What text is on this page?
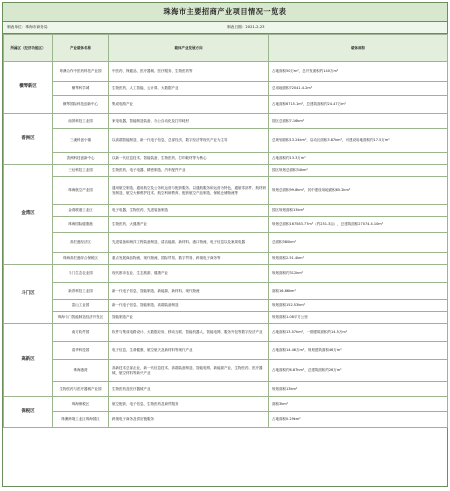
珠海市主要招商产业项目情况一览表
制表单位：珠海市商务局	制表日期：2021-2-23
所属区（经济功能区）	产业载体名称	载体产业发展方向	载体面积
横琴新区	粤澳合作中医药科技产业园	中医药、保健品、医疗器械、医疗服务、生物医药等	占地面积50万m²，总开发面积约140万m²
	横琴科学城	生物医药、人工智能、云计算、大数据产业	总用地面积72041.4.2m²
	横琴国际科技创新中心	集成电路产业	占地面积6715.1m²，总建筑面积约24.47万m²
香洲区	南屏科技工业园	家电电器、智能制造装备、办公自动化及打印耗材	园区总面积7.16km²
	三溪科创小镇	以高端智能制造、新一代电子信息、总部经济、数字经济等现代产业为主导	总规划面积13.24km²，启动区面积3.87km²，可建设用地面积约17.5万m²
	香洲科技创新中心	以新一代信息技术、智能装备、生物医药、打印耗材等为核心	占地面积约13.3万m²
金湾区	三灶科技工业园	生物医药、电子电器、精密制造、汽车配件产业	园区规划总面积34km²
	珠海航空产业园	通用航空制造、通用航空及公务机运营与配套服务、以通航服务和运营为特色，通航零部件、航材研发制造、航空大修维护技术、航空科研教育、配套航空产品制造、保税仓储物流等	规划总面积99.8km²，其中建设用地面积65.2km²
	金湾联港工业区	电子电器、生物医药、先进装备制造	园区规划面积13km²
	珠海国际健康港	生物医药、大健康产业	规划总面积167583.77m²（约251.3亩），总建筑面积27074.4.10m²
	高栏港经济区	先进装备和海洋工程装备制造、清洁能源、新材料、港口物流、电子信息以及案周电器	总面积380km²
	珠海高栏港综合保税区	重点发展商品物流、现代物流、国际贸易、数字贸易、跨境电子商务等	规划面积2.51.4km²
斗门区	斗门生态农业园	现代都市农业、生态旅游、健康产业	规划面积约312km²
	新青科技工业园	新一代电子信息、智能制造、新能源、新材料、现代物流	面积16.86km²
	富山工业园	新一代电子信息、智能制造、高端装备制造	规划面积152.53km²
	珠海斗门智能制造经济开发区	智能制造产业	规划面积1.08平方公里
高新区	南方软件园	软件与集成电路设计、大数据应用、移动互联、智能机器人、智能电网、服务外包等数字经济产业	占地面积13.57hm²，一期建筑面积约14.5万m²
	清华科技园	电子信息、生命健康、航空航天及新材料等现代产业	占地面积14.46万m²，规划建筑面积46万m²
	珠海港湾	高新技术总部企业、新一代信息技术、高端装备制造、智能电网、新能源产业、生物医药、医疗器械、航空材料等新兴产业	占地面积约6.87hm²，总建筑面积约26万m²
	生物医药与医疗器械产业园	生物医药及医疗器械产业	规划面积13km²
保税区	珠海保税区	航空配套、电子信息、生物医药及商贸服务	面积3km²
	珠澳跨境工业区珠海园区	跨境电子商务及供应链服务	占地面积0.29km²
